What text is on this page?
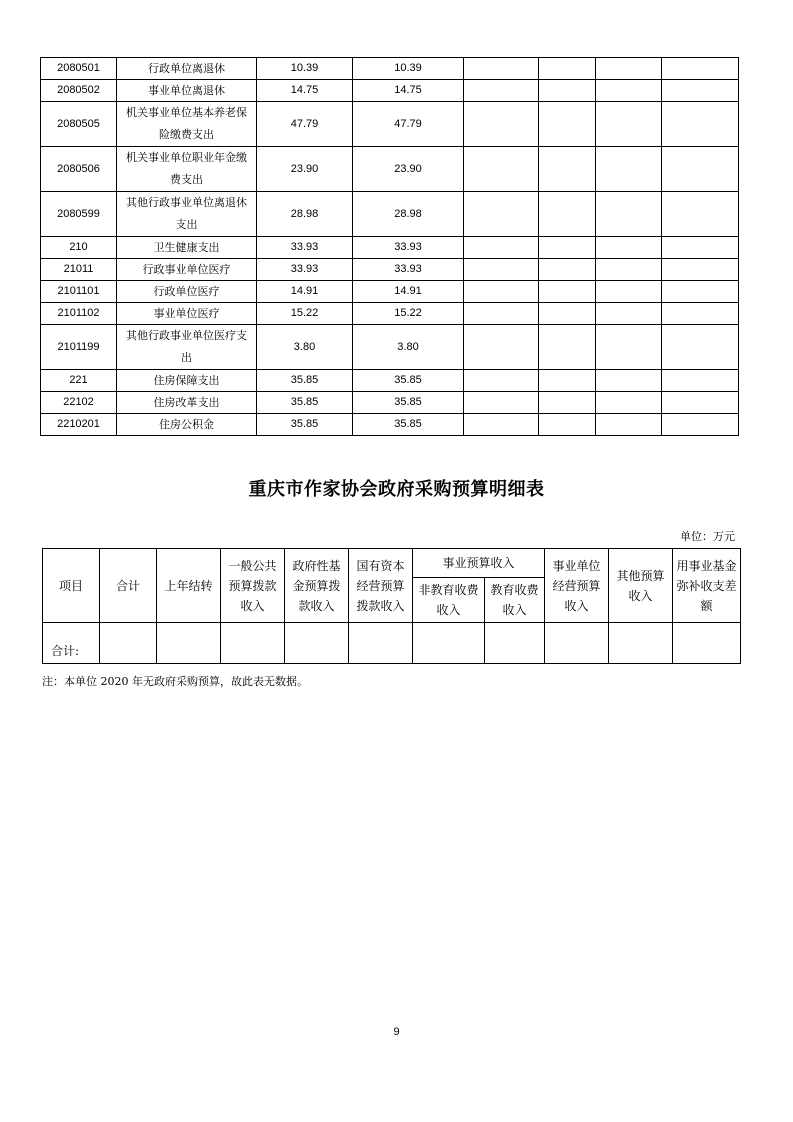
2080501	行政单位离退休	10.39	10.39				
2080502	事业单位离退休	14.75	14.75				
2080505	机关事业单位基本养老保险缴费支出	47.79	47.79				
2080506	机关事业单位职业年金缴费支出	23.90	23.90				
2080599	其他行政事业单位离退休支出	28.98	28.98				
210	卫生健康支出	33.93	33.93				
21011	行政事业单位医疗	33.93	33.93				
2101101	行政单位医疗	14.91	14.91				
2101102	事业单位医疗	15.22	15.22				
2101199	其他行政事业单位医疗支出	3.80	3.80				
221	住房保障支出	35.85	35.85				
22102	住房改革支出	35.85	35.85				
2210201	住房公积金	35.85	35.85				
重庆市作家协会政府采购预算明细表
单位：万元
项目	合计	上年结转	一般公共预算拨款收入	政府性基金预算拨款收入	国有资本经营预算拨款收入	事业预算收入		事业单位经营预算收入	其他预算收入	用事业基金弥补收支差额
						非教育收费收入	教育收费收入			
合计:										
注：本单位 2020 年无政府采购预算，故此表无数据。
9
